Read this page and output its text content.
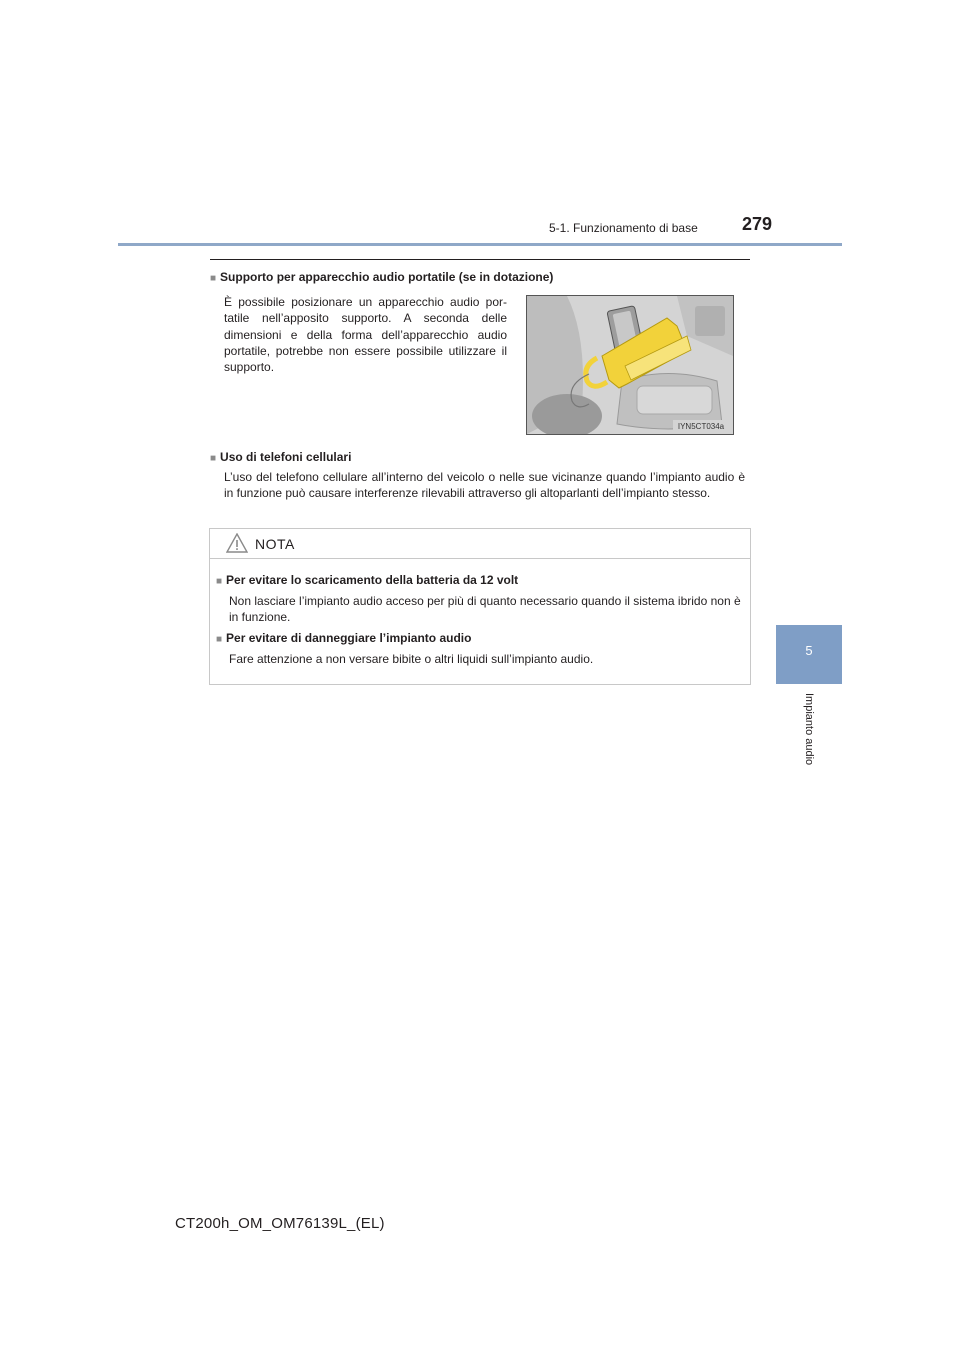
5-1. Funzionamento di base 279
5
Impianto audio
■ Supporto per apparecchio audio portatile (se in dotazione)
È possibile posizionare un apparecchio audio por-tatile nell’apposito supporto. A seconda delle dimensioni e della forma dell’apparecchio audio portatile, potrebbe non essere possibile utilizzare il supporto.
IYN5CT034a
■ Uso di telefoni cellulari
L’uso del telefono cellulare all’interno del veicolo o nelle sue vicinanze quando l’impianto audio è in funzione può causare interferenze rilevabili attraverso gli altoparlanti dell’impianto stesso.
NOTA
■ Per evitare lo scaricamento della batteria da 12 volt
Non lasciare l’impianto audio acceso per più di quanto necessario quando il sistema ibrido non è in funzione.
■ Per evitare di danneggiare l’impianto audio
Fare attenzione a non versare bibite o altri liquidi sull’impianto audio.
CT200h_OM_OM76139L_(EL)
